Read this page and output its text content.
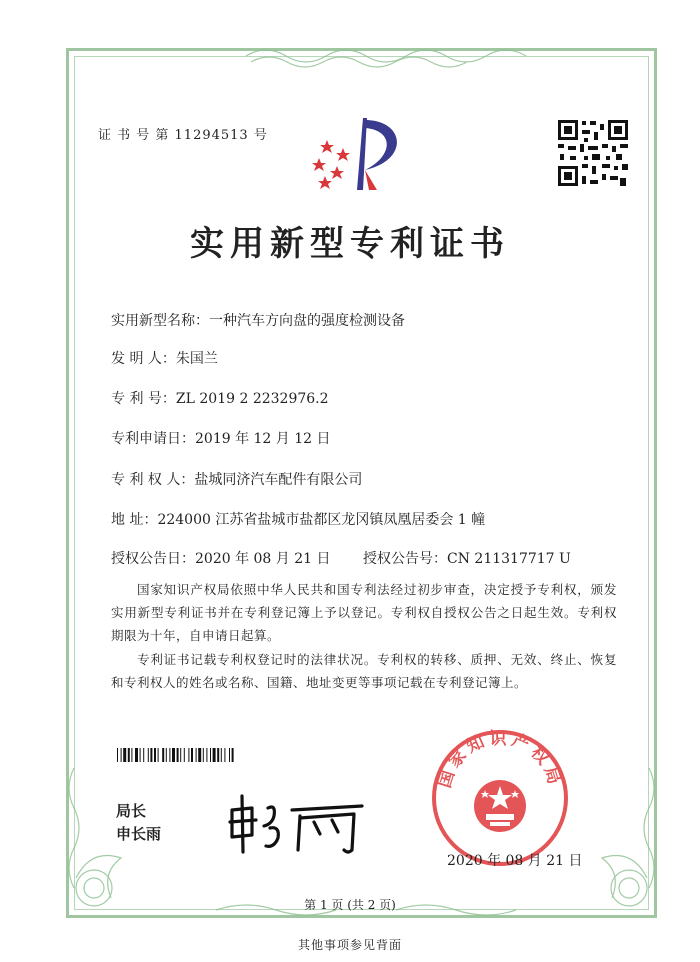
证 书 号 第 11294513 号
实用新型专利证书
实用新型名称：一种汽车方向盘的强度检测设备
发 明 人：朱国兰
专 利 号：ZL 2019 2 2232976.2
专利申请日：2019 年 12 月 12 日
专 利 权 人：盐城同济汽车配件有限公司
地 址：224000 江苏省盐城市盐都区龙冈镇凤凰居委会 1 幢
授权公告日：2020 年 08 月 21 日 授权公告号：CN 211317717 U
国家知识产权局依照中华人民共和国专利法经过初步审查，决定授予专利权，颁发实用新型专利证书并在专利登记簿上予以登记。专利权自授权公告之日起生效。专利权期限为十年，自申请日起算。
专利证书记载专利权登记时的法律状况。专利权的转移、质押、无效、终止、恢复和专利权人的姓名或名称、国籍、地址变更等事项记载在专利登记簿上。
局长
申长雨
国家知识产权局
2020 年 08 月 21 日
第 1 页 (共 2 页)
其他事项参见背面
